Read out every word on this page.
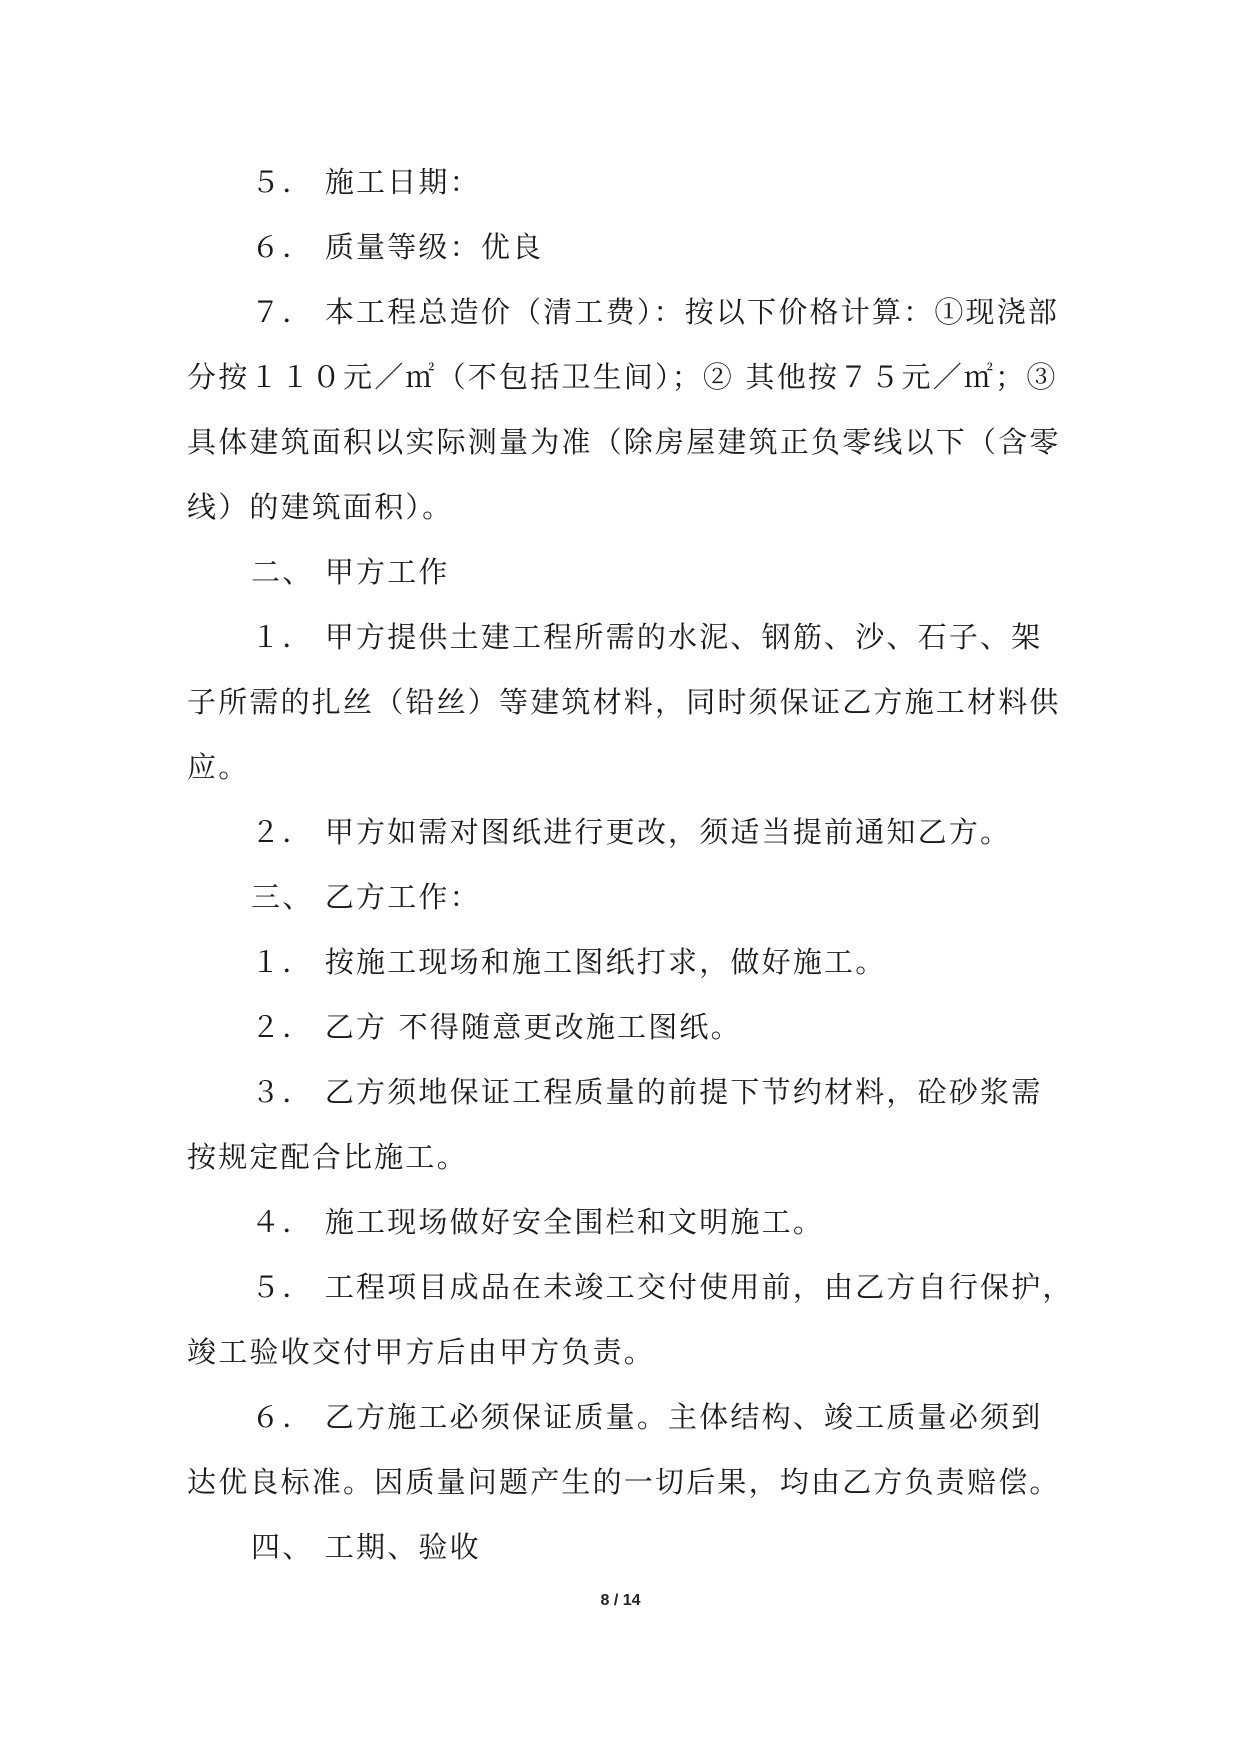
５． 施工日期：

６． 质量等级：优良

７． 本工程总造价（清工费）：按以下价格计算：①现浇部

分按１１０元／㎡（不包括卫生间）；② 其他按７５元／㎡；③

具体建筑面积以实际测量为准（除房屋建筑正负零线以下（含零

线）的建筑面积）。

二、 甲方工作

１． 甲方提供土建工程所需的水泥、钢筋、沙、石子、架

子所需的扎丝（铅丝）等建筑材料，同时须保证乙方施工材料供

应。

２． 甲方如需对图纸进行更改，须适当提前通知乙方。

三、 乙方工作：

１． 按施工现场和施工图纸打求，做好施工。

２． 乙方 不得随意更改施工图纸。

３． 乙方须地保证工程质量的前提下节约材料，砼砂浆需

按规定配合比施工。

４． 施工现场做好安全围栏和文明施工。

５． 工程项目成品在未竣工交付使用前，由乙方自行保护，

竣工验收交付甲方后由甲方负责。

６． 乙方施工必须保证质量。主体结构、竣工质量必须到

达优良标准。因质量问题产生的一切后果，均由乙方负责赔偿。

四、 工期、验收

8 / 14
